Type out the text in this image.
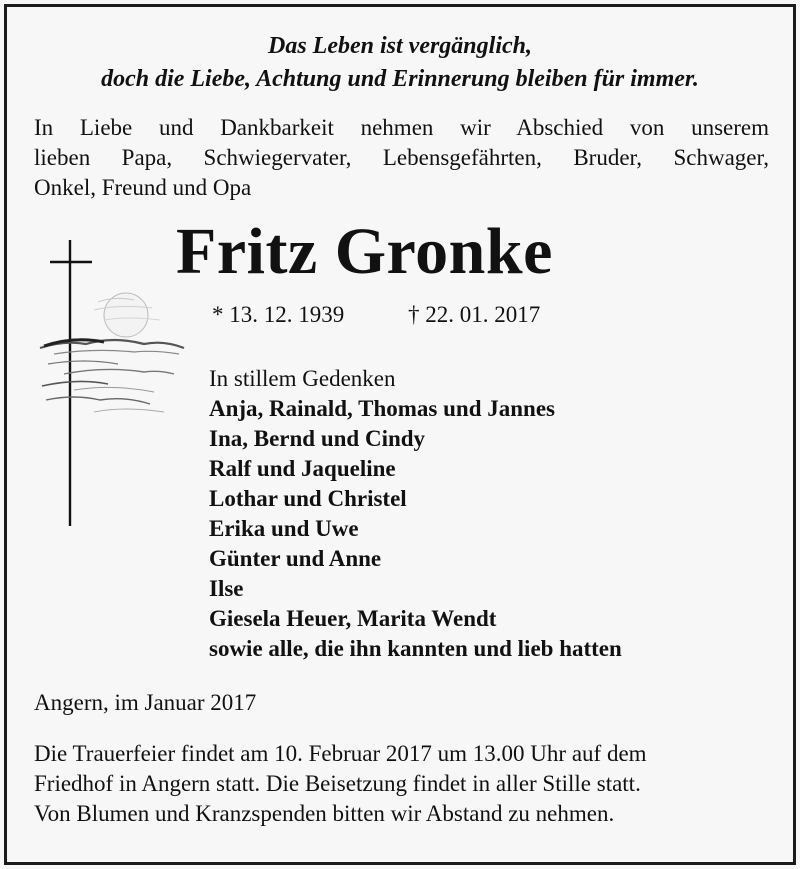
Das Leben ist vergänglich,
doch die Liebe, Achtung und Erinnerung bleiben für immer.
In Liebe und Dankbarkeit nehmen wir Abschied von unserem
lieben Papa, Schwiegervater, Lebensgefährten, Bruder, Schwager,
Onkel, Freund und Opa
Fritz Gronke
* 13. 12. 1939	† 22. 01. 2017
In stillem Gedenken
Anja, Rainald, Thomas und Jannes
Ina, Bernd und Cindy
Ralf und Jaqueline
Lothar und Christel
Erika und Uwe
Günter und Anne
Ilse
Giesela Heuer, Marita Wendt
sowie alle, die ihn kannten und lieb hatten
Angern, im Januar 2017
Die Trauerfeier findet am 10. Februar 2017 um 13.00 Uhr auf dem
Friedhof in Angern statt. Die Beisetzung findet in aller Stille statt.
Von Blumen und Kranzspenden bitten wir Abstand zu nehmen.
